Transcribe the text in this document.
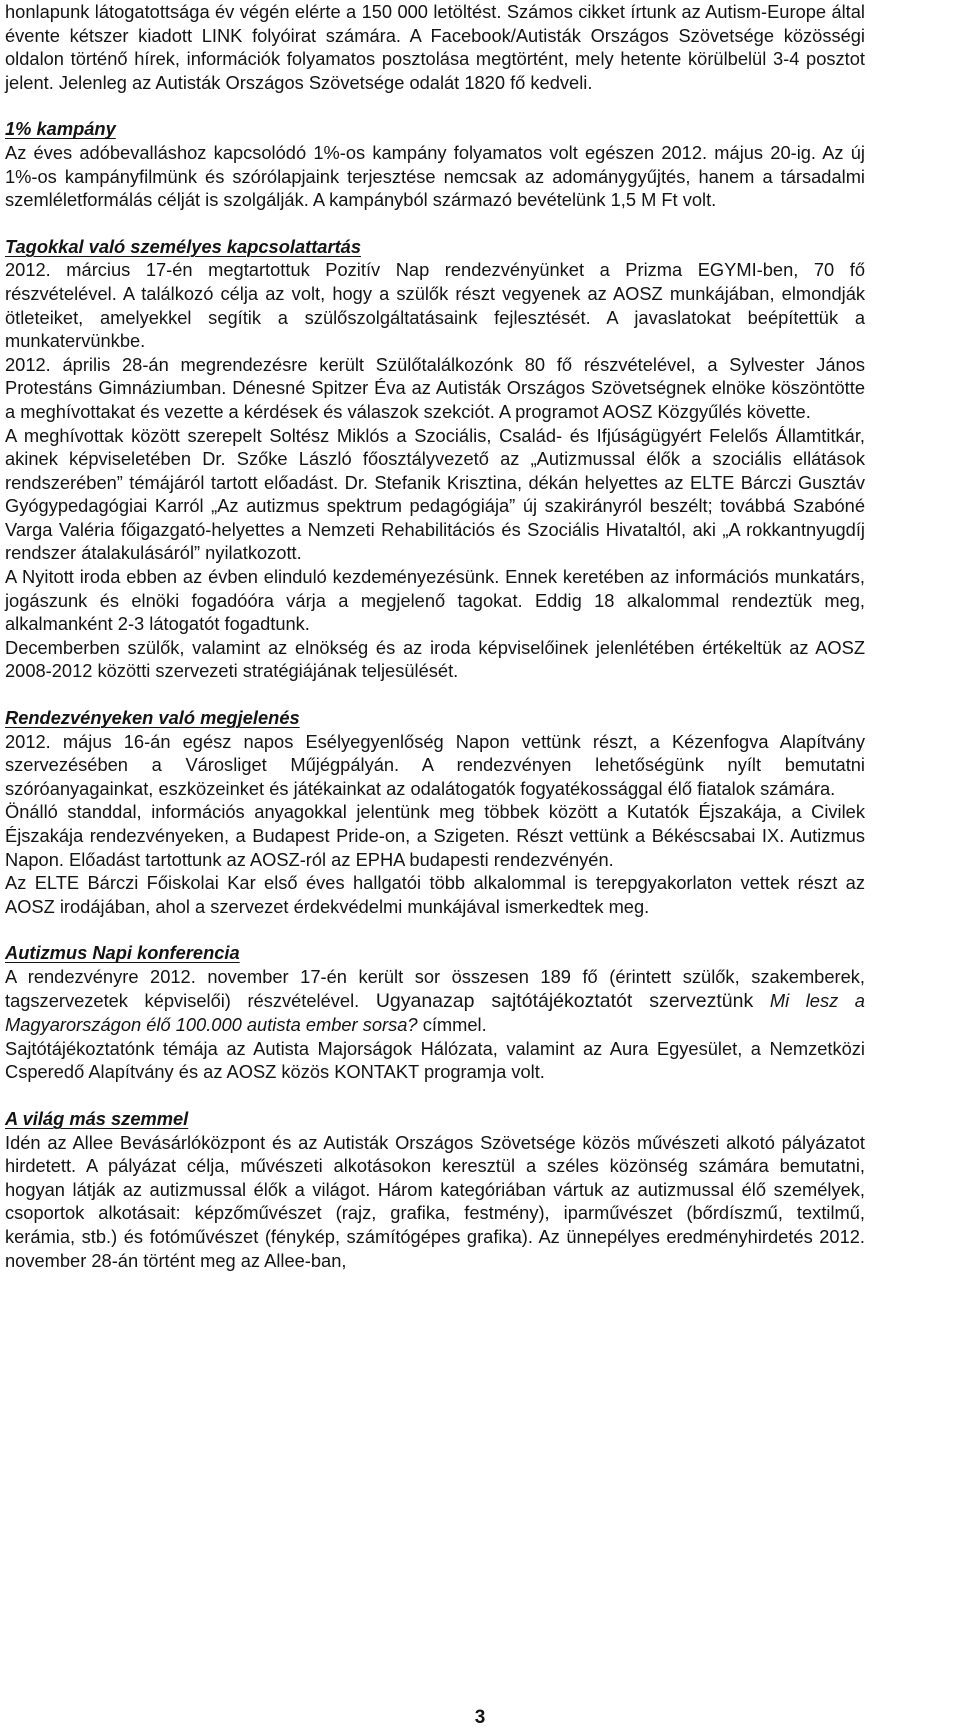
honlapunk látogatottsága év végén elérte a 150 000 letöltést. Számos cikket írtunk az Autism-Europe által évente kétszer kiadott LINK folyóirat számára. A Facebook/Autisták Országos Szövetsége közösségi oldalon történő hírek, információk folyamatos posztolása megtörtént, mely hetente körülbelül 3-4 posztot jelent. Jelenleg az Autisták Országos Szövetsége odalát 1820 fő kedveli.

1% kampány

Az éves adóbevalláshoz kapcsolódó 1%-os kampány folyamatos volt egészen 2012. május 20-ig. Az új 1%-os kampányfilmünk és szórólapjaink terjesztése nemcsak az adománygyűjtés, hanem a társadalmi szemléletformálás célját is szolgálják. A kampányból származó bevételünk 1,5 M Ft volt.

Tagokkal való személyes kapcsolattartás

2012. március 17-én megtartottuk Pozitív Nap rendezvényünket a Prizma EGYMI-ben, 70 fő részvételével. A találkozó célja az volt, hogy a szülők részt vegyenek az AOSZ munkájában, elmondják ötleteiket, amelyekkel segítik a szülőszolgáltatásaink fejlesztését. A javaslatokat beépítettük a munkatervünkbe.

2012. április 28-án megrendezésre került Szülőtalálkozónk 80 fő részvételével, a Sylvester János Protestáns Gimnáziumban. Dénesné Spitzer Éva az Autisták Országos Szövetségnek elnöke köszöntötte a meghívottakat és vezette a kérdések és válaszok szekciót. A programot AOSZ Közgyűlés követte.

A meghívottak között szerepelt Soltész Miklós a Szociális, Család- és Ifjúságügyért Felelős Államtitkár, akinek képviseletében Dr. Szőke László főosztályvezető az „Autizmussal élők a szociális ellátások rendszerében” témájáról tartott előadást. Dr. Stefanik Krisztina, dékán helyettes az ELTE Bárczi Gusztáv Gyógypedagógiai Karról „Az autizmus spektrum pedagógiája” új szakirányról beszélt; továbbá Szabóné Varga Valéria főigazgató-helyettes a Nemzeti Rehabilitációs és Szociális Hivataltól, aki „A rokkantnyugdíj rendszer átalakulásáról” nyilatkozott.

A Nyitott iroda ebben az évben elinduló kezdeményezésünk. Ennek keretében az információs munkatárs, jogászunk és elnöki fogadóóra várja a megjelenő tagokat. Eddig 18 alkalommal rendeztük meg, alkalmanként 2-3 látogatót fogadtunk.

Decemberben szülők, valamint az elnökség és az iroda képviselőinek jelenlétében értékeltük az AOSZ 2008-2012 közötti szervezeti stratégiájának teljesülését.

Rendezvényeken való megjelenés

2012. május 16-án egész napos Esélyegyenlőség Napon vettünk részt, a Kézenfogva Alapítvány szervezésében a Városliget Műjégpályán. A rendezvényen lehetőségünk nyílt bemutatni szóróanyagainkat, eszközeinket és játékainkat az odalátogatók fogyatékossággal élő fiatalok számára.

Önálló standdal, információs anyagokkal jelentünk meg többek között a Kutatók Éjszakája, a Civilek Éjszakája rendezvényeken, a Budapest Pride-on, a Szigeten. Részt vettünk a Békéscsabai IX. Autizmus Napon. Előadást tartottunk az AOSZ-ról az EPHA budapesti rendezvényén.

Az ELTE Bárczi Főiskolai Kar első éves hallgatói több alkalommal is terepgyakorlaton vettek részt az AOSZ irodájában, ahol a szervezet érdekvédelmi munkájával ismerkedtek meg.

Autizmus Napi konferencia

A rendezvényre 2012. november 17-én került sor összesen 189 fő (érintett szülők, szakemberek, tagszervezetek képviselői) részvételével. Ugyanazap sajtótájékoztatót szerveztünk Mi lesz a Magyarországon élő 100.000 autista ember sorsa? címmel.

Sajtótájékoztatónk témája az Autista Majorságok Hálózata, valamint az Aura Egyesület, a Nemzetközi Csperedő Alapítvány és az AOSZ közös KONTAKT programja volt.

A világ más szemmel

Idén az Allee Bevásárlóközpont és az Autisták Országos Szövetsége közös művészeti alkotó pályázatot hirdetett. A pályázat célja, művészeti alkotásokon keresztül a széles közönség számára bemutatni, hogyan látják az autizmussal élők a világot. Három kategóriában vártuk az autizmussal élő személyek, csoportok alkotásait: képzőművészet (rajz, grafika, festmény), iparművészet (bőrdíszmű, textilmű, kerámia, stb.) és fotóművészet (fénykép, számítógépes grafika). Az ünnepélyes eredményhirdetés 2012. november 28-án történt meg az Allee-ban,

3
